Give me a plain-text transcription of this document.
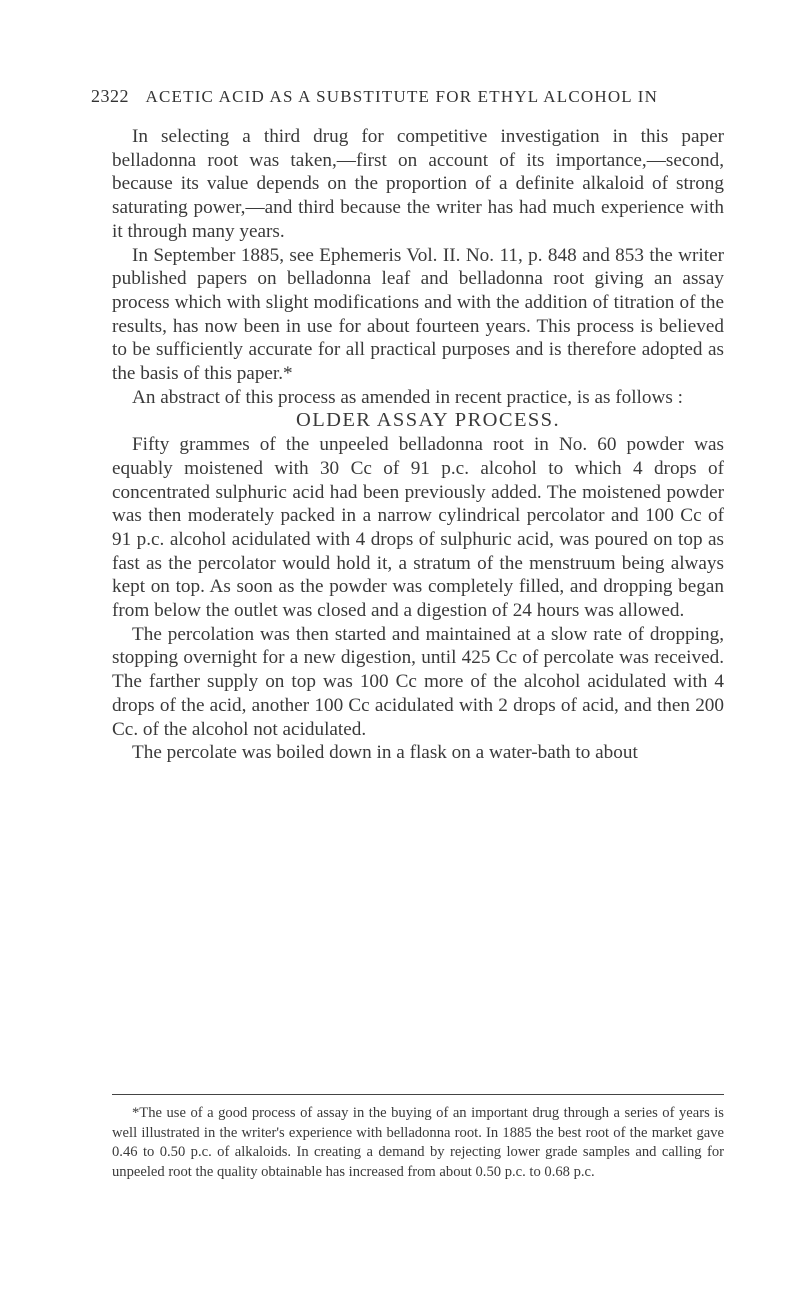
2322 ACETIC ACID AS A SUBSTITUTE FOR ETHYL ALCOHOL IN

In selecting a third drug for competitive investigation in this paper belladonna root was taken,—first on account of its importance,—second, because its value depends on the proportion of a definite alkaloid of strong saturating power,—and third because the writer has had much experience with it through many years.

In September 1885, see Ephemeris Vol. II. No. 11, p. 848 and 853 the writer published papers on belladonna leaf and belladonna root giving an assay process which with slight modifications and with the addition of titration of the results, has now been in use for about fourteen years. This process is believed to be sufficiently accurate for all practical purposes and is therefore adopted as the basis of this paper.*

An abstract of this process as amended in recent practice, is as follows :

OLDER ASSAY PROCESS.

Fifty grammes of the unpeeled belladonna root in No. 60 powder was equably moistened with 30 Cc of 91 p.c. alcohol to which 4 drops of concentrated sulphuric acid had been previously added. The moistened powder was then moderately packed in a narrow cylindrical percolator and 100 Cc of 91 p.c. alcohol acidulated with 4 drops of sulphuric acid, was poured on top as fast as the percolator would hold it, a stratum of the menstruum being always kept on top. As soon as the powder was completely filled, and dropping began from below the outlet was closed and a digestion of 24 hours was allowed.

The percolation was then started and maintained at a slow rate of dropping, stopping overnight for a new digestion, until 425 Cc of percolate was received. The farther supply on top was 100 Cc more of the alcohol acidulated with 4 drops of the acid, another 100 Cc acidulated with 2 drops of acid, and then 200 Cc. of the alcohol not acidulated.

The percolate was boiled down in a flask on a water-bath to about

*The use of a good process of assay in the buying of an important drug through a series of years is well illustrated in the writer's experience with belladonna root. In 1885 the best root of the market gave 0.46 to 0.50 p.c. of alkaloids. In creating a demand by rejecting lower grade samples and calling for unpeeled root the quality obtainable has increased from about 0.50 p.c. to 0.68 p.c.
